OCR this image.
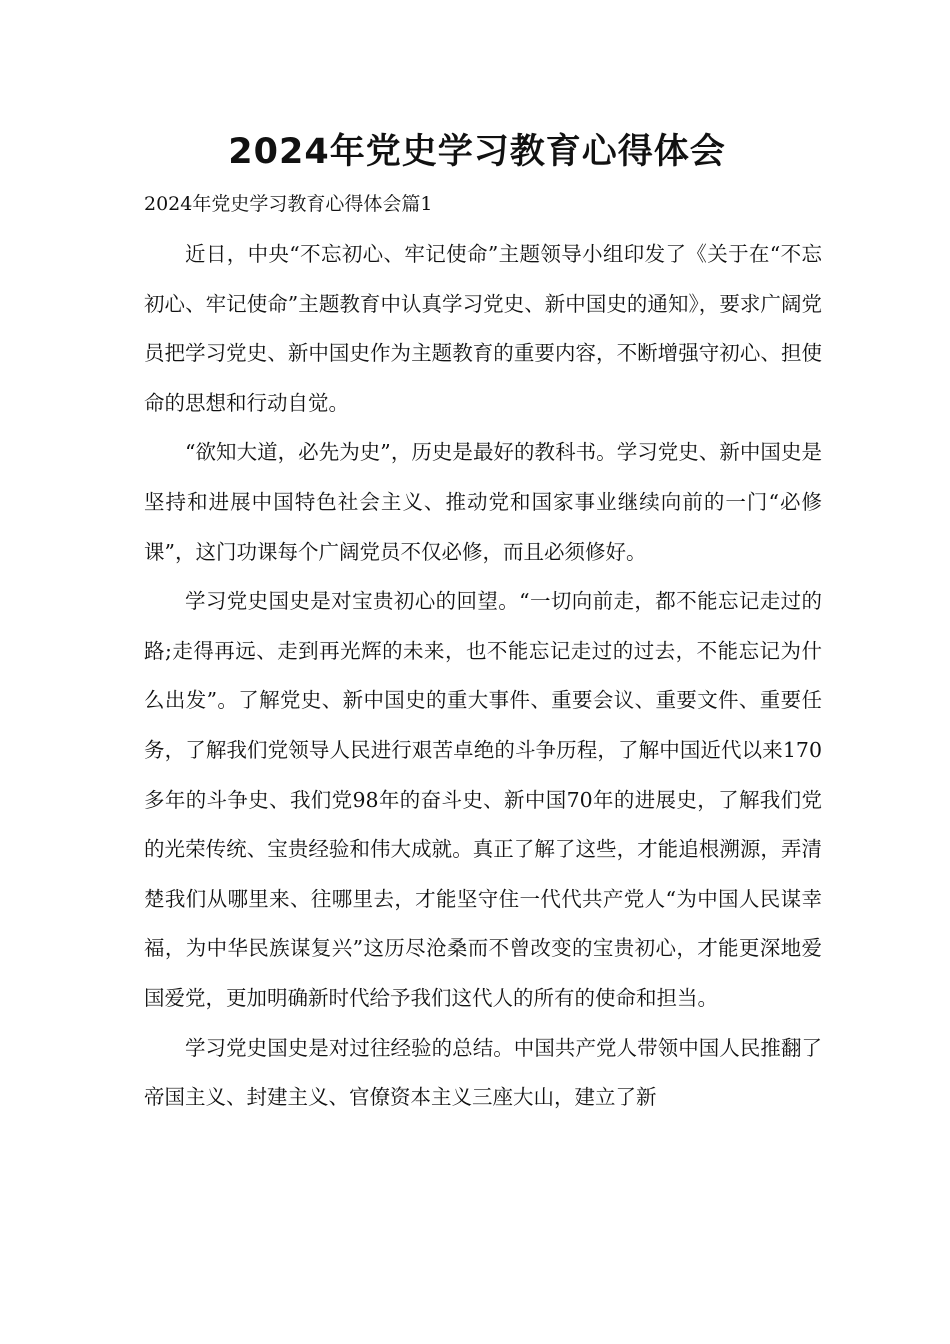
2024年党史学习教育心得体会
2024年党史学习教育心得体会篇1

近日，中央“不忘初心、牢记使命”主题领导小组印发了《关于在“不忘初心、牢记使命”主题教育中认真学习党史、新中国史的通知》，要求广阔党员把学习党史、新中国史作为主题教育的重要内容，不断增强守初心、担使命的思想和行动自觉。

“欲知大道，必先为史”，历史是最好的教科书。学习党史、新中国史是坚持和进展中国特色社会主义、推动党和国家事业继续向前的一门“必修课”，这门功课每个广阔党员不仅必修，而且必须修好。

学习党史国史是对宝贵初心的回望。“一切向前走，都不能忘记走过的路;走得再远、走到再光辉的未来，也不能忘记走过的过去，不能忘记为什么出发”。了解党史、新中国史的重大事件、重要会议、重要文件、重要任务，了解我们党领导人民进行艰苦卓绝的斗争历程，了解中国近代以来170多年的斗争史、我们党98年的奋斗史、新中国70年的进展史，了解我们党的光荣传统、宝贵经验和伟大成就。真正了解了这些，才能追根溯源，弄清楚我们从哪里来、往哪里去，才能坚守住一代代共产党人“为中国人民谋幸福，为中华民族谋复兴”这历尽沧桑而不曾改变的宝贵初心，才能更深地爱国爱党，更加明确新时代给予我们这代人的所有的使命和担当。

学习党史国史是对过往经验的总结。中国共产党人带领中国人民推翻了帝国主义、封建主义、官僚资本主义三座大山，建立了新
